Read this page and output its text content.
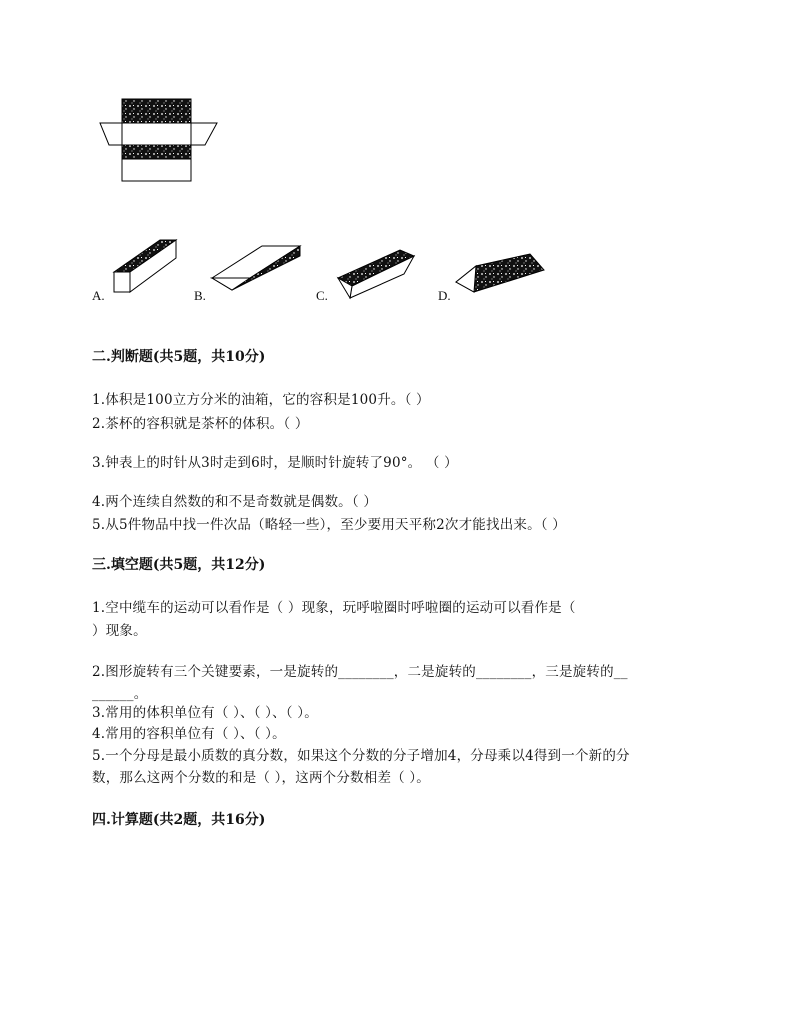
A.	B.	C.	D.
二.判断题(共5题，共10分)
1.体积是100立方分米的油箱，它的容积是100升。（ ）
2.茶杯的容积就是茶杯的体积。（ ）
3.钟表上的时针从3时走到6时，是顺时针旋转了90°。 （ ）
4.两个连续自然数的和不是奇数就是偶数。（ ）
5.从5件物品中找一件次品（略轻一些），至少要用天平称2次才能找出来。（ ）
三.填空题(共5题，共12分)
1.空中缆车的运动可以看作是（ ）现象，玩呼啦圈时呼啦圈的运动可以看作是（
）现象。
2.图形旋转有三个关键要素，一是旋转的________，二是旋转的________，三是旋转的__
______。
3.常用的体积单位有（ ）、（ ）、（ ）。
4.常用的容积单位有（ ）、（ ）。
5.一个分母是最小质数的真分数，如果这个分数的分子增加4，分母乘以4得到一个新的分
数，那么这两个分数的和是（ ），这两个分数相差（ ）。
四.计算题(共2题，共16分)
